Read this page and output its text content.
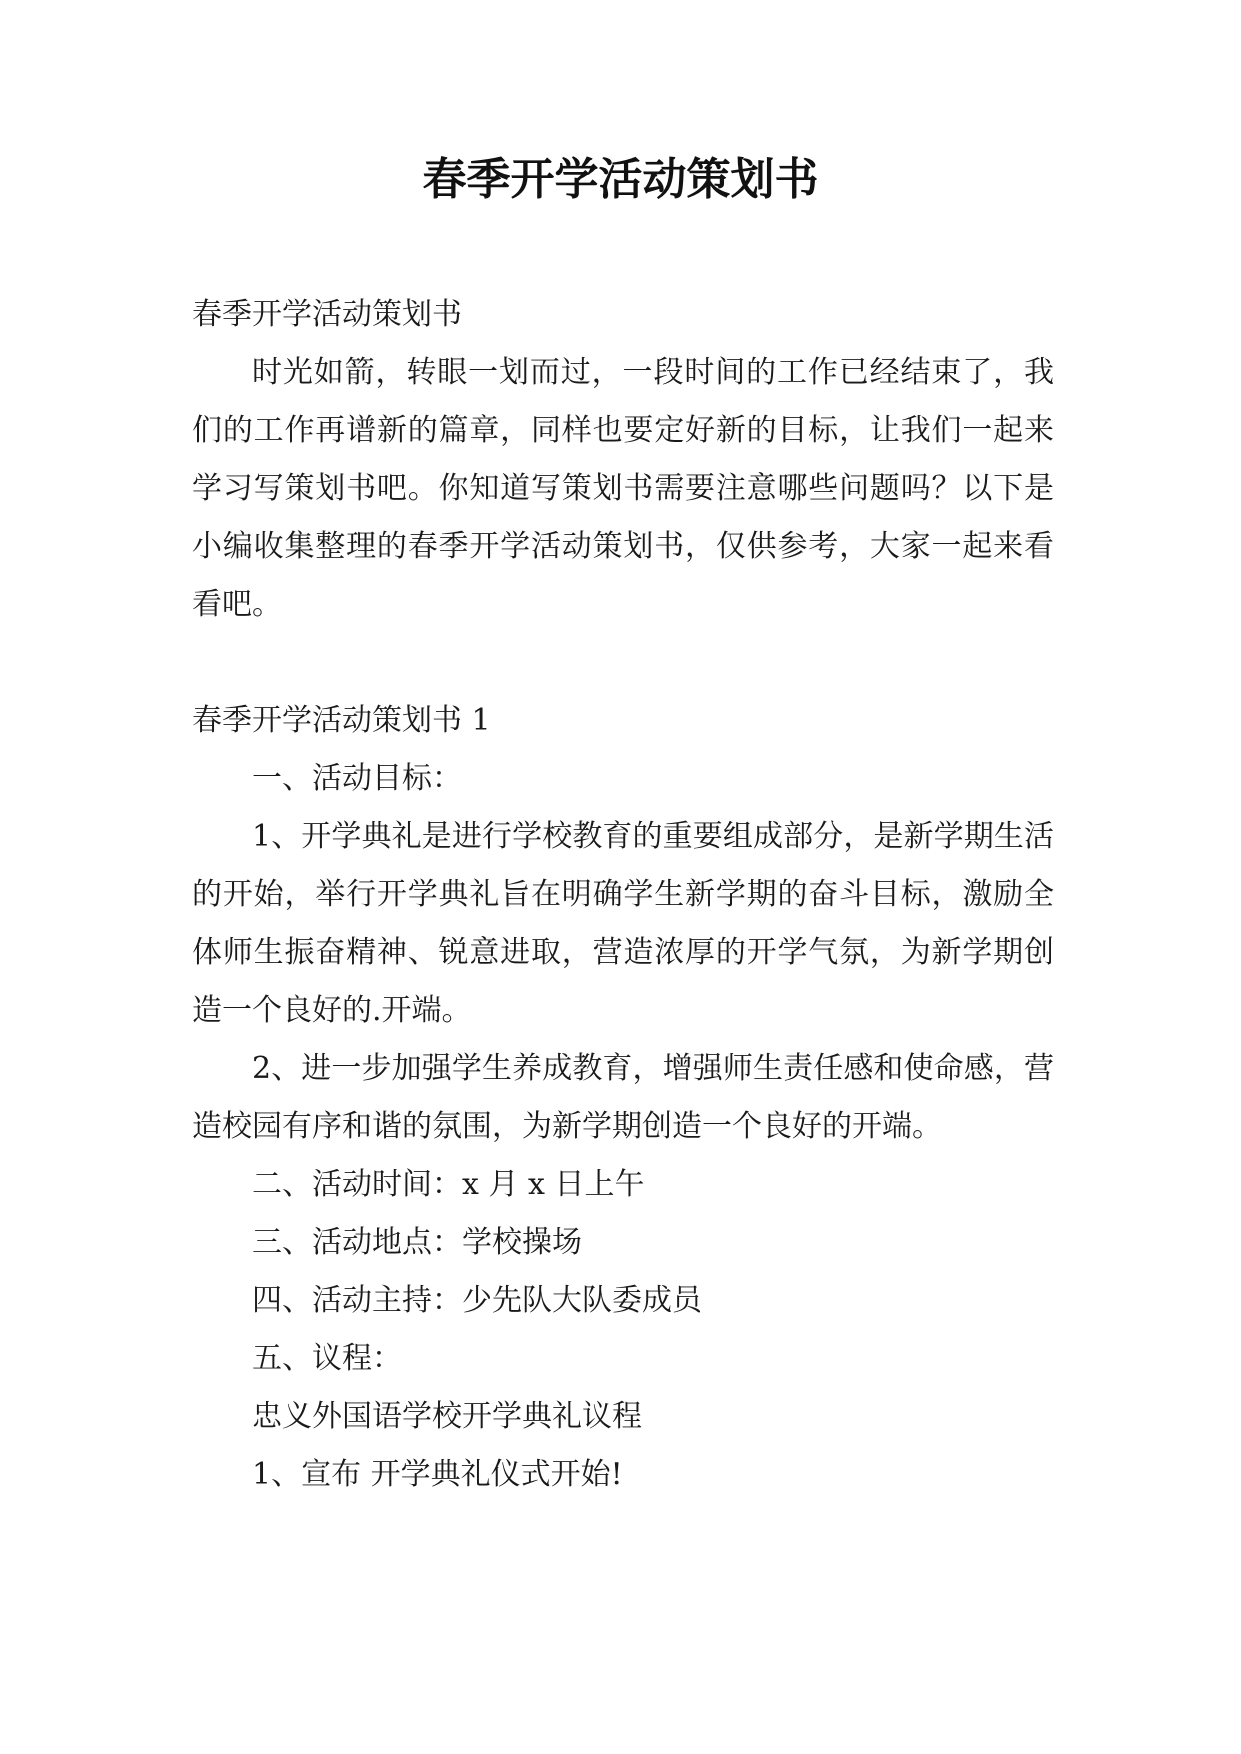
春季开学活动策划书

春季开学活动策划书

时光如箭，转眼一划而过，一段时间的工作已经结束了，我们的工作再谱新的篇章，同样也要定好新的目标，让我们一起来学习写策划书吧。你知道写策划书需要注意哪些问题吗？以下是小编收集整理的春季开学活动策划书，仅供参考，大家一起来看看吧。

春季开学活动策划书 1

一、活动目标：

1、开学典礼是进行学校教育的重要组成部分，是新学期生活的开始，举行开学典礼旨在明确学生新学期的奋斗目标，激励全体师生振奋精神、锐意进取，营造浓厚的开学气氛，为新学期创造一个良好的.开端。

2、进一步加强学生养成教育，增强师生责任感和使命感，营造校园有序和谐的氛围，为新学期创造一个良好的开端。

二、活动时间：x 月 x 日上午

三、活动地点：学校操场

四、活动主持：少先队大队委成员

五、议程：

忠义外国语学校开学典礼议程

1、宣布 开学典礼仪式开始!
